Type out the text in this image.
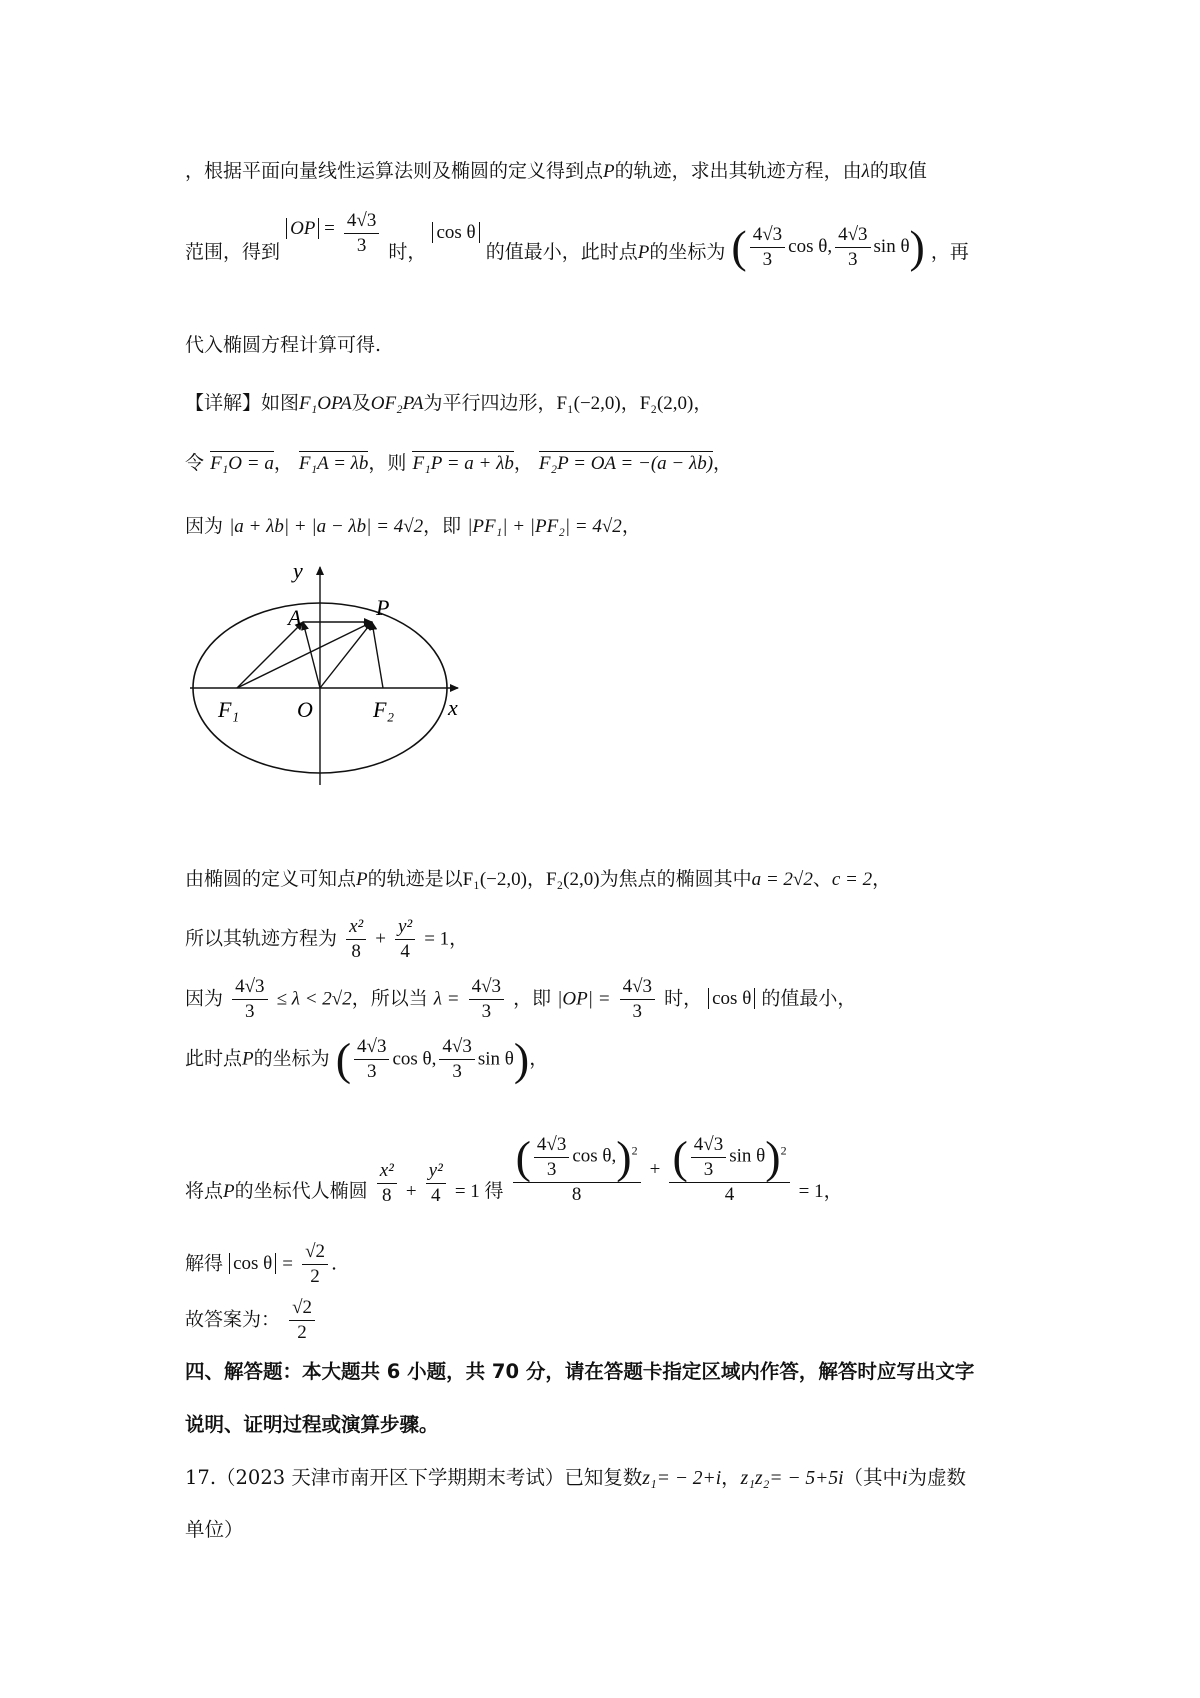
，根据平面向量线性运算法则及椭圆的定义得到点P的轨迹，求出其轨迹方程，由λ的取值
范围，得到 OP = $\frac{4√3}{3}$ 时， cos θ 的值最小，此时点P的坐标为 ( $\frac{4√3}{3}$ cos θ, $\frac{4√3}{3}$ sin θ) ，再
代入椭圆方程计算可得.
【详解】如图F₁OPA及OF₂PA为平行四边形，F₁(−2,0)，F₂(2,0)，
令 F₁O = a， F₁A = λb，则 F₁P = a + λb， F₂P = OA = −(a − λb)，
因为 |a + λb| + |a − λb| = 4√2，即 |PF₁| + |PF₂| = 4√2，
y
x
A	P
O
F₁	F₂
由椭圆的定义可知点P的轨迹是以F₁(−2,0)，F₂(2,0)为焦点的椭圆其中a = 2√2、c = 2，
所以其轨迹方程为 $\frac{\text{x²}}{8} + \frac{\text{y²}}{4} = 1$，
因为 $\frac{4√3}{3} \le \lambda < 2√2$，所以当 $\lambda = \frac{4√3}{3}$ ，即 $|OP| = \frac{4√3}{3}$ 时， cos θ 的值最小，
此时点P的坐标为 ( $\frac{4√3}{3}$ cos θ, $\frac{4√3}{3}$ sin θ)，
将点P的坐标代人椭圆 $\frac{\text{x²}}{8} + \frac{\text{y²}}{4} = 1$ 得 $\frac{( \frac{4√3}{3} \cos \theta,)^2}{8} + \frac{( \frac{4√3}{3} \sin \theta)^2}{4} = 1$，
解得 $\cos \theta = \frac{√2}{2}$ .
故答案为： $\frac{√2}{2}$
四、解答题：本大题共 6 小题，共 70 分，请在答题卡指定区域内作答，解答时应写出文字
说明、证明过程或演算步骤。
17.（2023 天津市南开区下学期期末考试）已知复数z₁= − 2+i，z₁z₂= − 5+5i（其中i为虚数
单位）
